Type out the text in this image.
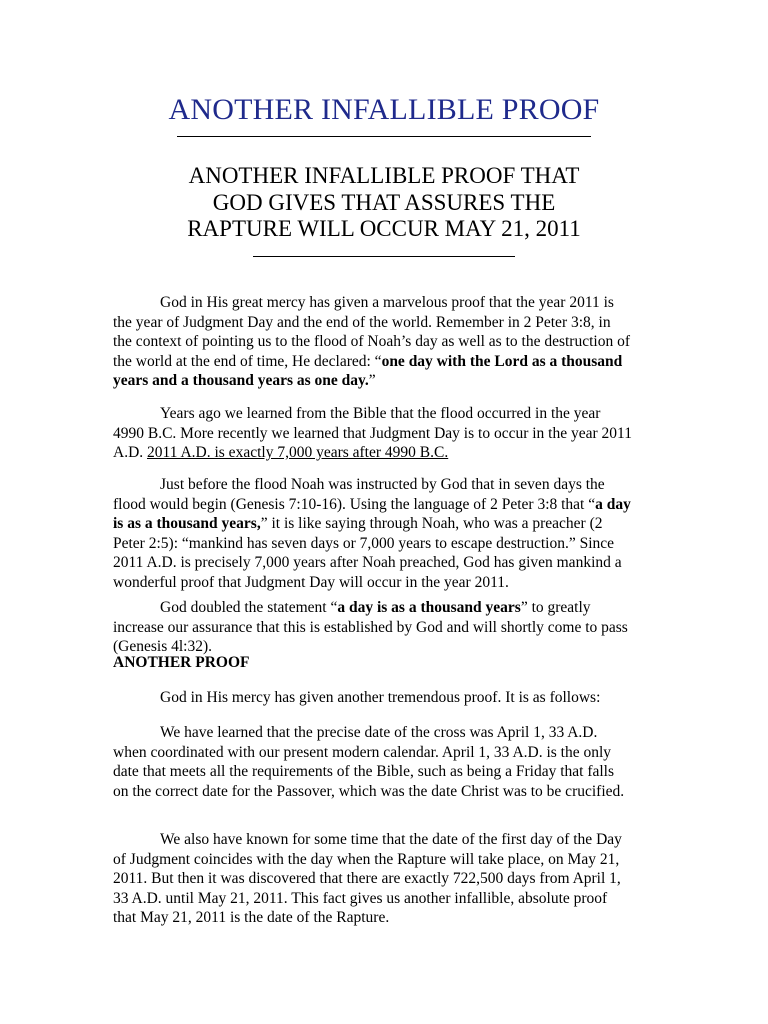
ANOTHER INFALLIBLE PROOF
ANOTHER INFALLIBLE PROOF THAT
GOD GIVES THAT ASSURES THE
RAPTURE WILL OCCUR MAY 21, 2011

God in His great mercy has given a marvelous proof that the year 2011 is the year of Judgment Day and the end of the world. Remember in 2 Peter 3:8, in the context of pointing us to the flood of Noah’s day as well as to the destruction of the world at the end of time, He declared: “one day with the Lord as a thousand years and a thousand years as one day.”

Years ago we learned from the Bible that the flood occurred in the year 4990 B.C. More recently we learned that Judgment Day is to occur in the year 2011 A.D. 2011 A.D. is exactly 7,000 years after 4990 B.C.

Just before the flood Noah was instructed by God that in seven days the flood would begin (Genesis 7:10-16). Using the language of 2 Peter 3:8 that “a day is as a thousand years,” it is like saying through Noah, who was a preacher (2 Peter 2:5): “mankind has seven days or 7,000 years to escape destruction.” Since 2011 A.D. is precisely 7,000 years after Noah preached, God has given mankind a wonderful proof that Judgment Day will occur in the year 2011.

God doubled the statement “a day is as a thousand years” to greatly increase our assurance that this is established by God and will shortly come to pass (Genesis 4l:32).

ANOTHER PROOF

God in His mercy has given another tremendous proof. It is as follows:

We have learned that the precise date of the cross was April 1, 33 A.D. when coordinated with our present modern calendar. April 1, 33 A.D. is the only date that meets all the requirements of the Bible, such as being a Friday that falls on the correct date for the Passover, which was the date Christ was to be crucified.

We also have known for some time that the date of the first day of the Day of Judgment coincides with the day when the Rapture will take place, on May 21, 2011. But then it was discovered that there are exactly 722,500 days from April 1, 33 A.D. until May 21, 2011. This fact gives us another infallible, absolute proof that May 21, 2011 is the date of the Rapture.
